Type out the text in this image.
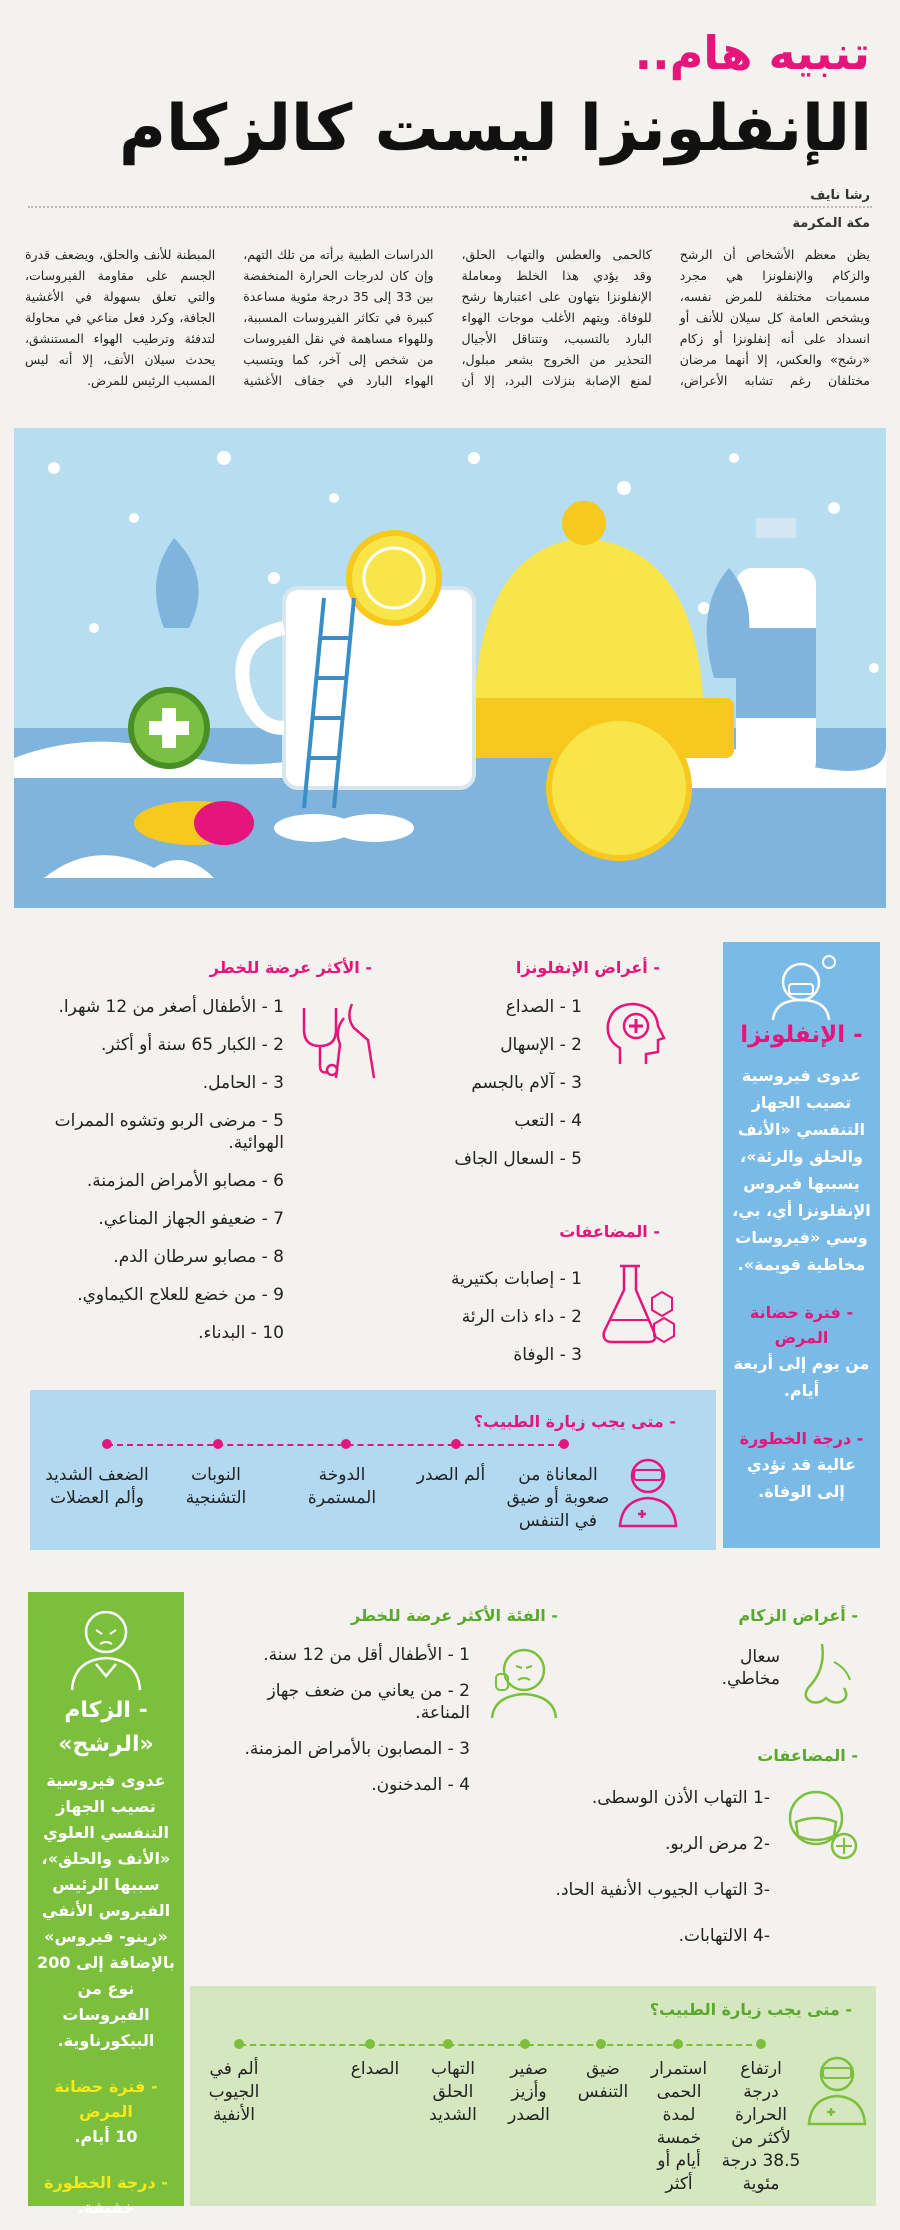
تنبيه هام..
الإنفلونزا ليست كالزكام
رشا نايف
مكة المكرمة
يظن معظم الأشخاص أن الرشح والزكام والإنفلونزا هي مجرد مسميات مختلفة للمرض نفسه، ويشخص العامة كل سيلان للأنف أو انسداد على أنه إنفلونزا أو زكام «رشح» والعكس، إلا أنهما مرضان مختلفان رغم تشابه الأعراض، كالحمى والعطس والتهاب الحلق، وقد يؤدي هذا الخلط ومعاملة الإنفلونزا بتهاون على اعتبارها رشح للوفاة. ويتهم الأغلب موجات الهواء البارد بالتسبب، وتتناقل الأجيال التحذير من الخروج بشعر مبلول، لمنع الإصابة بنزلات البرد، إلا أن الدراسات الطبية برأته من تلك التهم، وإن كان لدرجات الحرارة المنخفضة بين 33 إلى 35 درجة مئوية مساعدة كبيرة في تكاثر الفيروسات المسببة، وللهواء مساهمة في نقل الفيروسات من شخص إلى آخر، كما ويتسبب الهواء البارد في جفاف الأغشية المبطنة للأنف والحلق، ويضعف قدرة الجسم على مقاومة الفيروسات، والتي تعلق بسهولة في الأغشية الجافة، وكرد فعل مناعي في محاولة لتدفئة وترطيب الهواء المستنشق، يحدث سيلان الأنف، إلا أنه ليس المسبب الرئيس للمرض.
- الإنفلونزا
عدوى فيروسية تصيب الجهاز التنفسي «الأنف والحلق والرئة»، يسببها فيروس الإنفلونزا أي، بي، وسي «فيروسات مخاطية قويمة».
- فترة حضانة المرض
من يوم إلى أربعة أيام.
- درجة الخطورة
عالية قد تؤدي إلى الوفاة.
- أعراض الإنفلونزا
1 - الصداع
2 - الإسهال
3 - آلام بالجسم
4 - التعب
5 - السعال الجاف
- المضاعفات
1 - إصابات بكتيرية
2 - داء ذات الرئة
3 - الوفاة
- الأكثر عرضة للخطر
1 - الأطفال أصغر من 12 شهرا.
2 - الكبار 65 سنة أو أكثر.
3 - الحامل.
5 - مرضى الربو وتشوه الممرات الهوائية.
6 - مصابو الأمراض المزمنة.
7 - ضعيفو الجهاز المناعي.
8 - مصابو سرطان الدم.
9 - من خضع للعلاج الكيماوي.
10 - البدناء.
- متى يجب زيارة الطبيب؟
المعاناة من صعوبة أو ضيق في التنفس
ألم الصدر
الدوخة المستمرة
النوبات التشنجية
الضعف الشديد وألم العضلات
- الزكام «الرشح»
عدوى فيروسية تصيب الجهاز التنفسي العلوي «الأنف والحلق»، سببها الرئيس الفيروس الأنفي «رينو- فيروس» بالإضافة إلى 200 نوع من الفيروسات البيكورناوية.
- فترة حضانة المرض
10 أيام.
- درجة الخطورة
خفيفة.
- أعراض الزكام
سعال مخاطي.
- المضاعفات
-1 التهاب الأذن الوسطى.
-2 مرض الربو.
-3 التهاب الجيوب الأنفية الحاد.
-4 الالتهابات.
- الفئة الأكثر عرضة للخطر
1 - الأطفال أقل من 12 سنة.
2 - من يعاني من ضعف جهاز المناعة.
3 - المصابون بالأمراض المزمنة.
4 - المدخنون.
- متى يجب زيارة الطبيب؟
ارتفاع درجة الحرارة لأكثر من 38.5 درجة مئوية
استمرار الحمى لمدة خمسة أيام أو أكثر
ضيق التنفس
صفير وأزيز الصدر
التهاب الحلق الشديد
الصداع
ألم في الجيوب الأنفية
